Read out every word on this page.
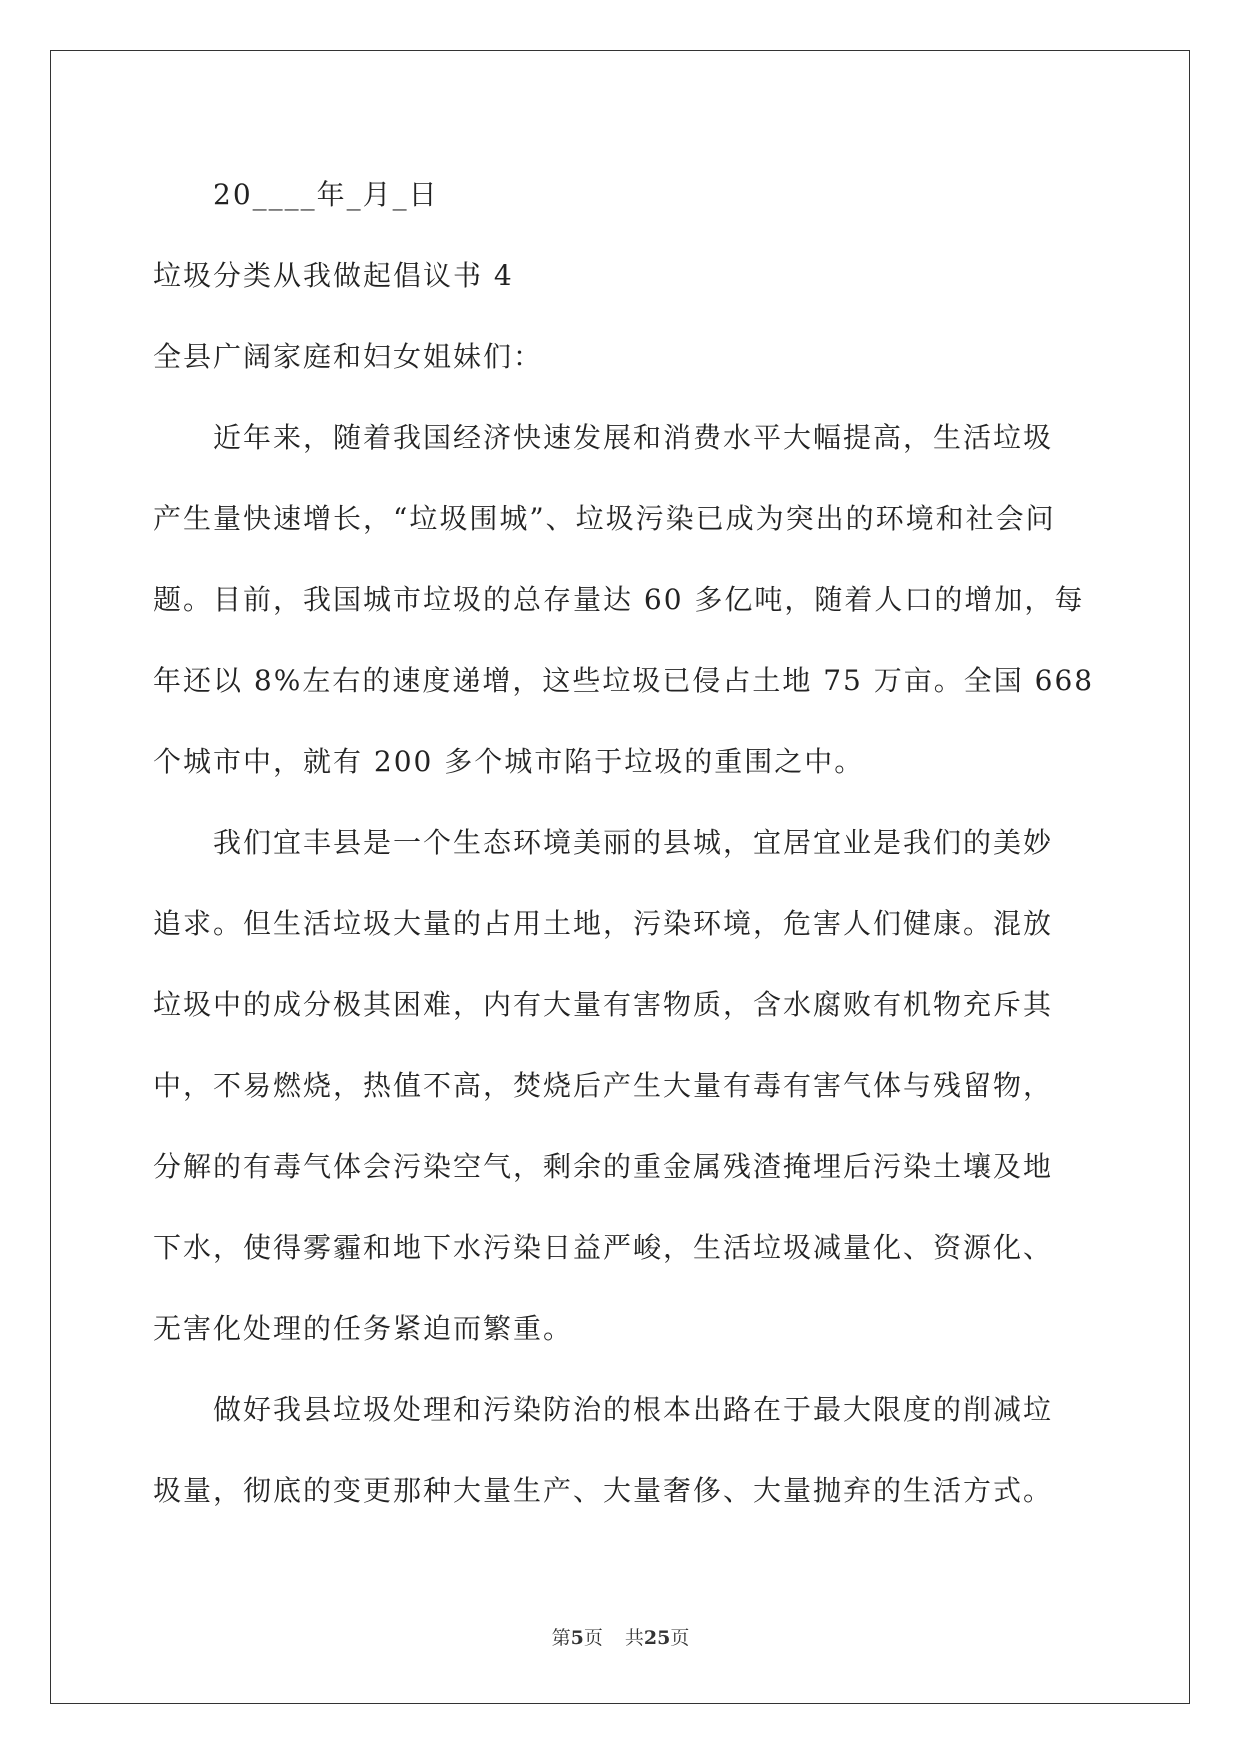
20____年_月_日
垃圾分类从我做起倡议书 4
全县广阔家庭和妇女姐妹们：
近年来，随着我国经济快速发展和消费水平大幅提高，生活垃圾
产生量快速增长，“垃圾围城”、垃圾污染已成为突出的环境和社会问
题。目前，我国城市垃圾的总存量达 60 多亿吨，随着人口的增加，每
年还以 8%左右的速度递增，这些垃圾已侵占土地 75 万亩。全国 668
个城市中，就有 200 多个城市陷于垃圾的重围之中。
我们宜丰县是一个生态环境美丽的县城，宜居宜业是我们的美妙
追求。但生活垃圾大量的占用土地，污染环境，危害人们健康。混放
垃圾中的成分极其困难，内有大量有害物质，含水腐败有机物充斥其
中，不易燃烧，热值不高，焚烧后产生大量有毒有害气体与残留物，
分解的有毒气体会污染空气，剩余的重金属残渣掩埋后污染土壤及地
下水，使得雾霾和地下水污染日益严峻，生活垃圾减量化、资源化、
无害化处理的任务紧迫而繁重。
做好我县垃圾处理和污染防治的根本出路在于最大限度的削减垃
圾量，彻底的变更那种大量生产、大量奢侈、大量抛弃的生活方式。
第5页 共25页
